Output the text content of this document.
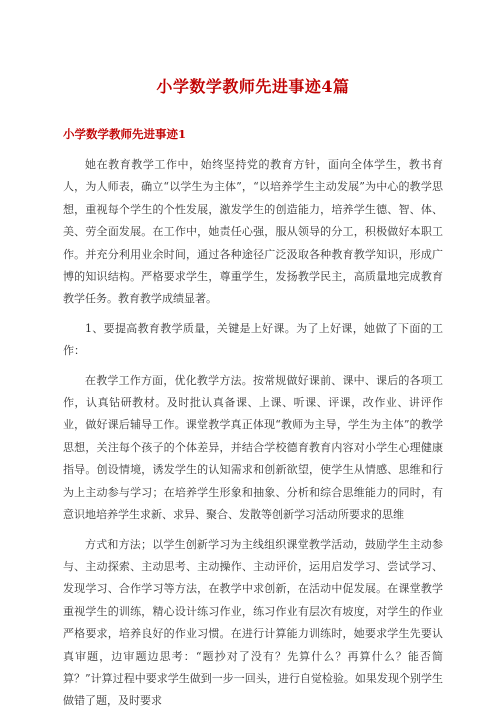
小学数学教师先进事迹4篇
小学数学教师先进事迹1

她在教育教学工作中，始终坚持党的教育方针，面向全体学生，教书育人，为人师表，确立“以学生为主体”，“以培养学生主动发展”为中心的教学思想，重视每个学生的个性发展，激发学生的创造能力，培养学生德、智、体、美、劳全面发展。在工作中，她责任心强，服从领导的分工，积极做好本职工作。并充分利用业余时间，通过各种途径广泛汲取各种教育教学知识，形成广博的知识结构。严格要求学生，尊重学生，发扬教学民主，高质量地完成教育教学任务。教育教学成绩显著。

1、要提高教育教学质量，关键是上好课。为了上好课，她做了下面的工作：

在教学工作方面，优化教学方法。按常规做好课前、课中、课后的各项工作，认真钻研教材。及时批认真备课、上课、听课、评课，改作业、讲评作业，做好课后辅导工作。课堂教学真正体现“教师为主导，学生为主体”的教学思想，关注每个孩子的个体差异，并结合学校德育教育内容对小学生心理健康指导。创设情境，诱发学生的认知需求和创新欲望，使学生从情感、思维和行为上主动参与学习；在培养学生形象和抽象、分析和综合思维能力的同时，有意识地培养学生求新、求异、聚合、发散等创新学习活动所要求的思维

方式和方法；以学生创新学习为主线组织课堂教学活动，鼓励学生主动参与、主动探索、主动思考、主动操作、主动评价，运用启发学习、尝试学习、发现学习、合作学习等方法，在教学中求创新，在活动中促发展。在课堂教学重视学生的训练，精心设计练习作业，练习作业有层次有坡度，对学生的作业严格要求，培养良好的作业习惯。在进行计算能力训练时，她要求学生先要认真审题，边审题边思考：“题抄对了没有？先算什么？再算什么？能否简算？”计算过程中要求学生做到一步一回头，进行自觉检验。如果发现个别学生做错了题，及时要求
